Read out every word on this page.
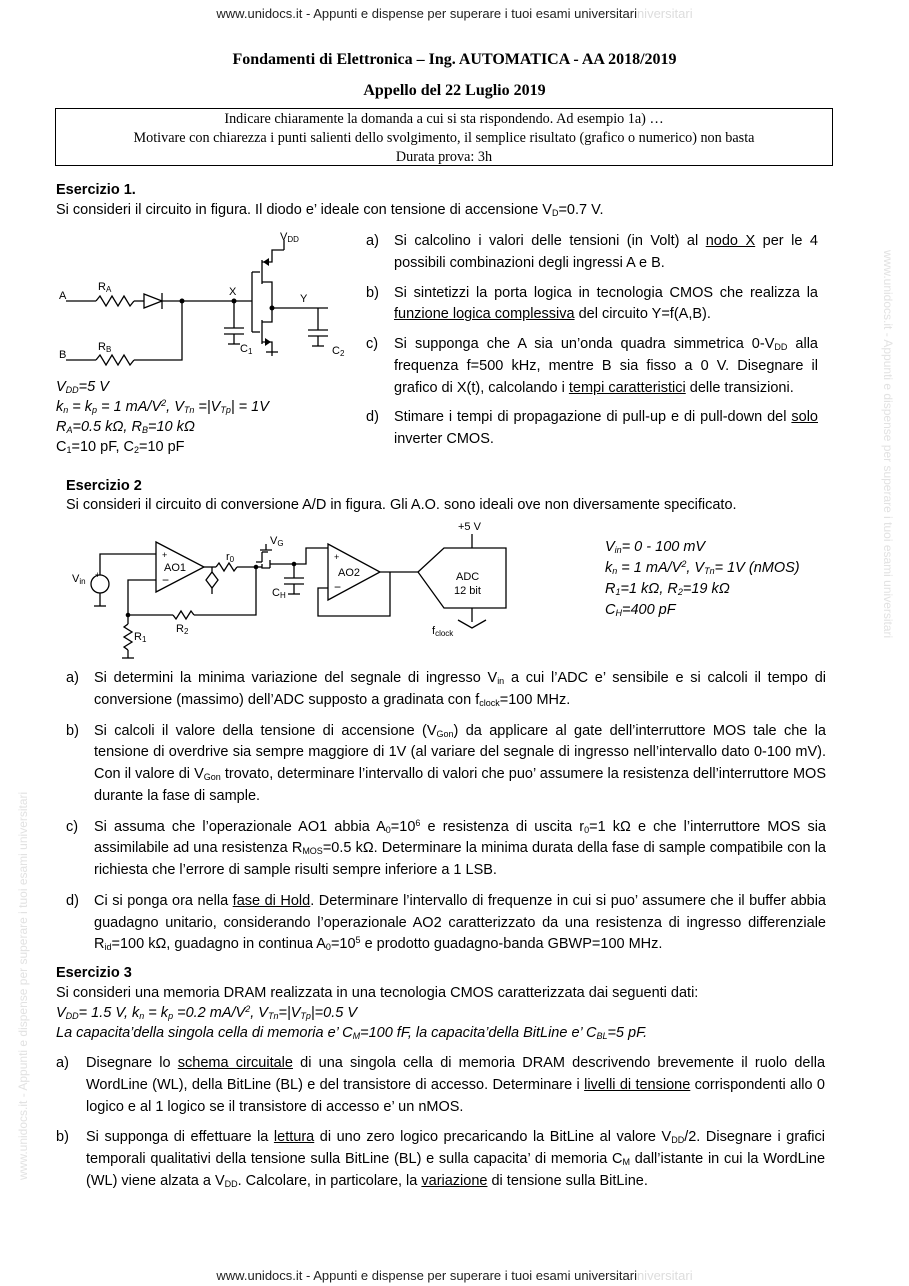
www.unidocs.it - Appunti e dispense per superare i tuoi esami universitariniversitari
www.unidocs.it - Appunti e dispense per superare i tuoi esami universitariniversitari
www.unidocs.it - Appunti e dispense per superare i tuoi esami universitari
www.unidocs.it - Appunti e dispense per superare i tuoi esami universitari
Fondamenti di Elettronica – Ing. AUTOMATICA - AA 2018/2019
Appello del 22 Luglio 2019
Indicare chiaramente la domanda a cui si sta rispondendo. Ad esempio 1a) …
Motivare con chiarezza i punti salienti dello svolgimento, il semplice risultato (grafico o numerico) non basta
Durata prova: 3h
Esercizio 1.
Si consideri il circuito in figura. Il diodo e’ ideale con tensione di accensione $V_D=0.7$ V.
A
B
RA
RB
X
Y
VDD
C1	C2
$V_{DD}=5$ V
$k_n = k_p = 1$ $mA/V^2$, $V_{Tn} =|V_{Tp}| = 1V$
$R_A=0.5$ kΩ, $R_B=10$ kΩ
$C_1=10$ pF, $C_2=10$ pF
a) Si calcolino i valori delle tensioni (in Volt) al nodo X per le 4 possibili combinazioni degli ingressi A e B.
b) Si sintetizzi la porta logica in tecnologia CMOS che realizza la funzione logica complessiva del circuito Y=f(A,B).
c) Si supponga che A sia un’onda quadra simmetrica $0-V_{DD}$ alla frequenza f=500 kHz, mentre B sia fisso a 0 V. Disegnare il grafico di X(t), calcolando i tempi caratteristici delle transizioni.
d) Stimare i tempi di propagazione di pull-up e di pull-down del solo inverter CMOS.
Esercizio 2
Si consideri il circuito di conversione A/D in figura. Gli A.O. sono ideali ove non diversamente specificato.
+
−
+
−
+
Vin
AO1	AO2
r0
R1
R2
VG
CH
ADC
12 bit
+5 V
fclock
$V_{in}= 0 - 100$ mV
$k_n = 1$ $mA/V^2$, $V_{Tn}= 1V$ (nMOS)
$R_1=1$ kΩ, $R_2=19$ kΩ
$C_H=400$ pF
a) Si determini la minima variazione del segnale di ingresso $V_{in}$ a cui l’ADC e’ sensibile e si calcoli il tempo di conversione (massimo) dell’ADC supposto a gradinata con $f_{clock}=100$ MHz.
b) Si calcoli il valore della tensione di accensione $(V_{Gon})$ da applicare al gate dell’interruttore MOS tale che la tensione di overdrive sia sempre maggiore di 1V (al variare del segnale di ingresso nell’intervallo dato 0-100 mV). Con il valore di $V_{Gon}$ trovato, determinare l’intervallo di valori che puo’ assumere la resistenza dell’interruttore MOS durante la fase di sample.
c) Si assuma che l’operazionale AO1 abbia $A_0=10^6$ e resistenza di uscita $r_0=1$ kΩ e che l’interruttore MOS sia assimilabile ad una resistenza $R_{MOS}=0.5$ kΩ. Determinare la minima durata della fase di sample compatibile con la richiesta che l’errore di sample risulti sempre inferiore a 1 LSB.
d) Ci si ponga ora nella fase di Hold. Determinare l’intervallo di frequenze in cui si puo’ assumere che il buffer abbia guadagno unitario, considerando l’operazionale AO2 caratterizzato da una resistenza di ingresso differenziale $R_{id}=100$ kΩ, guadagno in continua $A_0=10^5$ e prodotto guadagno-banda GBWP=100 MHz.
Esercizio 3
Si consideri una memoria DRAM realizzata in una tecnologia CMOS caratterizzata dai seguenti dati:
$V_{DD}= 1.5$ V, $k_n = k_p =0.2$ $mA/V^2$, $V_{Tn}=|V_{Tp}|=0.5$ V
La capacita’della singola cella di memoria e’ $C_M=100$ fF, la capacita’della BitLine e’ $C_{BL}=5$ pF.
a) Disegnare lo schema circuitale di una singola cella di memoria DRAM descrivendo brevemente il ruolo della WordLine (WL), della BitLine (BL) e del transistore di accesso. Determinare i livelli di tensione corrispondenti allo 0 logico e al 1 logico se il transistore di accesso e’ un nMOS.
b) Si supponga di effettuare la lettura di uno zero logico precaricando la BitLine al valore $V_{DD}/2$. Disegnare i grafici temporali qualitativi della tensione sulla BitLine (BL) e sulla capacita’ di memoria $C_M$ dall’istante in cui la WordLine (WL) viene alzata a $V_{DD}$. Calcolare, in particolare, la variazione di tensione sulla BitLine.
